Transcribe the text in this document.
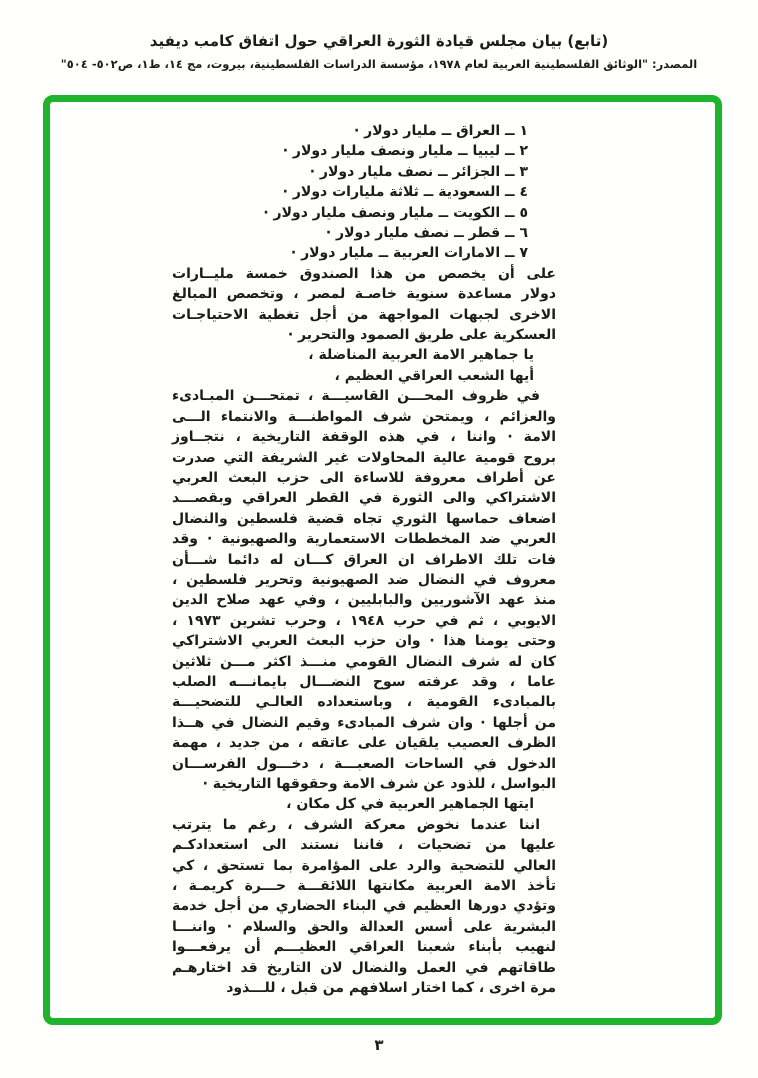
(تابع) بيان مجلس قيادة الثورة العراقي حول اتفاق كامب ديفيد
المصدر: "الوثائق الفلسطينية العربية لعام ١٩٧٨، مؤسسة الدراسات الفلسطينية، بيروت، مج ١٤، ط١، ص٥٠٢- ٥٠٤"
١ ــ العراق ــ مليار دولار ·
٢ ــ ليبيا ــ مليار ونصف مليار دولار ·
٣ ــ الجزائر ــ نصف مليار دولار ·
٤ ــ السعودية ــ ثلاثة مليارات دولار ·
٥ ــ الكويت ــ مليار ونصف مليار دولار ·
٦ ــ قطر ــ نصف مليار دولار ·
٧ ــ الامارات العربية ــ مليار دولار ·
على أن يخصص من هذا الصندوق خمسة مليــارات
دولار مساعدة سنوية خاصـة لمصر ، وتخصص المبالغ
الاخرى لجبهات المواجهة من أجل تغطية الاحتياجـات
العسكرية على طريق الصمود والتحرير ·
يا جماهير الامة العربية المناضلة ،
أيها الشعب العراقي العظيم ،
في ظروف المحـــن القاسيـــة ، تمتحـــن المبـادىء
والعزائم ، ويمتحن شرف المواطنـــة والانتماء الـــى
الامة · واننا ، في هذه الوقفة التاريخية ، نتجــاوز
بروح قومية عالية المحاولات غير الشريفة التي صدرت
عن أطراف معروفة للاساءة الى حزب البعث العربي
الاشتراكي والى الثورة في القطر العراقي وبقصـــد
اضعاف حماسها الثوري تجاه قضية فلسطين والنضال
العربي ضد المخططات الاستعمارية والصهيونية · وقد
فات تلك الاطراف ان العراق كـــان له دائما شـــأن
معروف في النضال ضد الصهيونية وتحرير فلسطين ،
منذ عهد الآشوريين والبابليين ، وفي عهد صلاح الدين
الايوبي ، ثم في حرب ١٩٤٨ ، وحرب تشرين ١٩٧٣ ،
وحتى يومنا هذا · وان حزب البعث العربي الاشتراكي
كان له شرف النضال القومي منـــذ اكثر مـــن ثلاثين
عاما ، وقد عرفته سوح النضـــال بايمانـــه الصلب
بالمبادىء القومية ، وباستعداده العالـي للتضحيـــة
من أجلها · وان شرف المبادىء وقيم النضال في هــذا
الظرف العصيب يلقيان على عاتقه ، من جديد ، مهمة
الدخول في الساحات الصعبـــة ، دخـــول الفرســـان
البواسل ، للذود عن شرف الامة وحقوقها التاريخية ·
ايتها الجماهير العربية في كل مكان ،
اننا عندما نخوض معركة الشرف ، رغم ما يترتب
عليها من تضحيات ، فاننا نستند الى استعدادكـم
العالي للتضحية والرد على المؤامرة بما تستحق ، كي
تأخذ الامة العربية مكانتها اللائقـــة حـــرة كريمـة ،
وتؤدي دورها العظيم في البناء الحضاري من أجل خدمة
البشرية على أسس العدالة والحق والسلام · واننـــا
لنهيب بأبناء شعبنا العراقي العظيـــم أن يرفعـــوا
طاقاتهم في العمل والنضال لان التاريخ قد اختارهـم
مرة اخرى ، كما اختار اسلافهم من قبل ، للـــذود
٣
